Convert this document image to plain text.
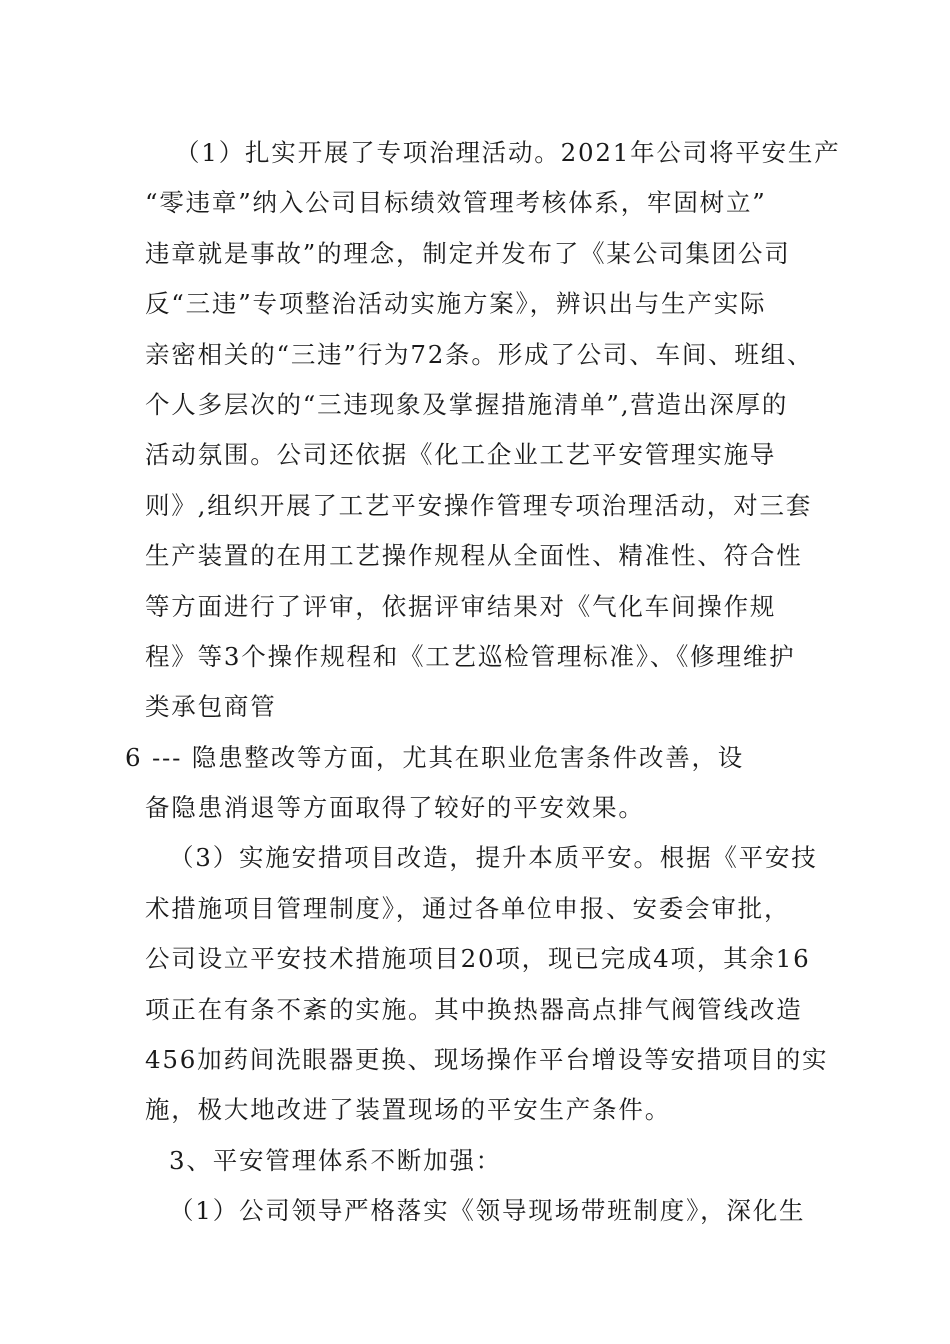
（1）扎实开展了专项治理活动。2021年公司将平安生产
“零违章”纳入公司目标绩效管理考核体系，牢固树立”
违章就是事故”的理念，制定并发布了《某公司集团公司
反“三违”专项整治活动实施方案》，辨识出与生产实际
亲密相关的“三违”行为72条。形成了公司、车间、班组、
个人多层次的“三违现象及掌握措施清单”,营造出深厚的
活动氛围。公司还依据《化工企业工艺平安管理实施导
则》,组织开展了工艺平安操作管理专项治理活动，对三套
生产装置的在用工艺操作规程从全面性、精准性、符合性
等方面进行了评审，依据评审结果对《气化车间操作规
程》等3个操作规程和《工艺巡检管理标准》、《修理维护
类承包商管
6 --- 隐患整改等方面，尤其在职业危害条件改善，设
备隐患消退等方面取得了较好的平安效果。
（3）实施安措项目改造，提升本质平安。根据《平安技
术措施项目管理制度》，通过各单位申报、安委会审批，
公司设立平安技术措施项目20项，现已完成4项，其余16
项正在有条不紊的实施。其中换热器高点排气阀管线改造
456加药间洗眼器更换、现场操作平台增设等安措项目的实
施，极大地改进了装置现场的平安生产条件。
3、平安管理体系不断加强：
（1）公司领导严格落实《领导现场带班制度》，深化生
